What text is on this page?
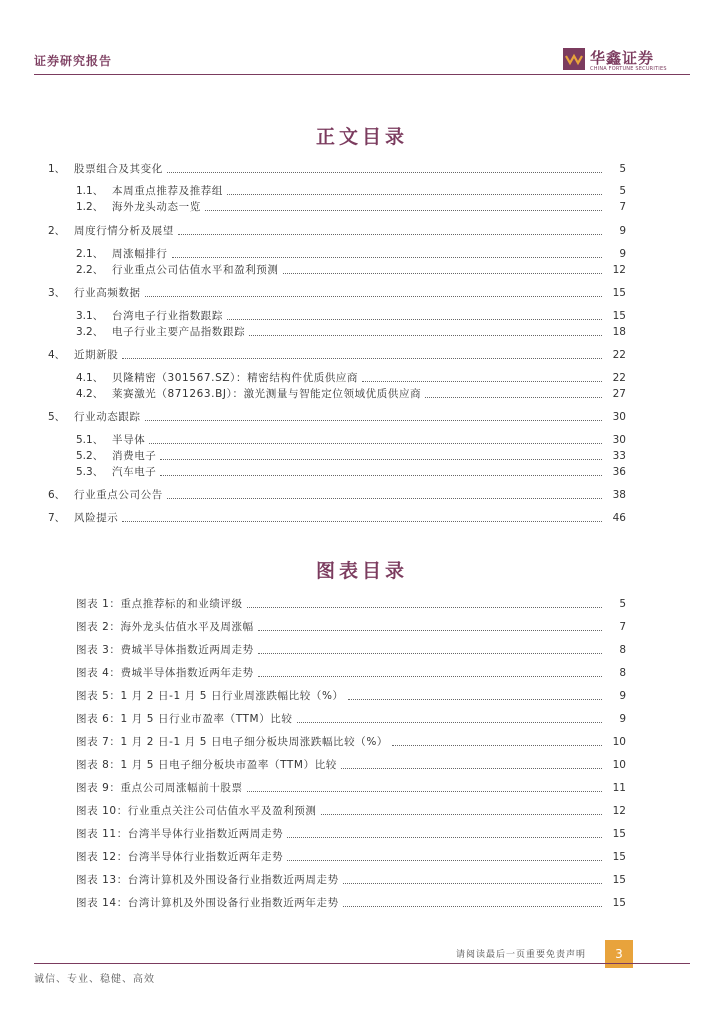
证券研究报告	华鑫证券
CHINA FORTUNE SECURITIES
正文目录
1、 股票组合及其变化	5
1.1、 本周重点推荐及推荐组	5
1.2、 海外龙头动态一览	7
2、 周度行情分析及展望	9
2.1、 周涨幅排行	9
2.2、 行业重点公司估值水平和盈利预测	12
3、 行业高频数据	15
3.1、 台湾电子行业指数跟踪	15
3.2、 电子行业主要产品指数跟踪	18
4、 近期新股	22
4.1、 贝隆精密（301567.SZ）：精密结构件优质供应商	22
4.2、 莱赛激光（871263.BJ）：激光测量与智能定位领域优质供应商	27
5、 行业动态跟踪	30
5.1、 半导体	30
5.2、 消费电子	33
5.3、 汽车电子	36
6、 行业重点公司公告	38
7、 风险提示	46
图表目录
图表 1：重点推荐标的和业绩评级	5
图表 2：海外龙头估值水平及周涨幅	7
图表 3：费城半导体指数近两周走势	8
图表 4：费城半导体指数近两年走势	8
图表 5：1 月 2 日-1 月 5 日行业周涨跌幅比较（%）	9
图表 6：1 月 5 日行业市盈率（TTM）比较	9
图表 7：1 月 2 日-1 月 5 日电子细分板块周涨跌幅比较（%）	10
图表 8：1 月 5 日电子细分板块市盈率（TTM）比较	10
图表 9：重点公司周涨幅前十股票	11
图表 10：行业重点关注公司估值水平及盈利预测	12
图表 11：台湾半导体行业指数近两周走势	15
图表 12：台湾半导体行业指数近两年走势	15
图表 13：台湾计算机及外围设备行业指数近两周走势	15
图表 14：台湾计算机及外围设备行业指数近两年走势	15
请阅读最后一页重要免责声明	3
诚信、专业、稳健、高效
